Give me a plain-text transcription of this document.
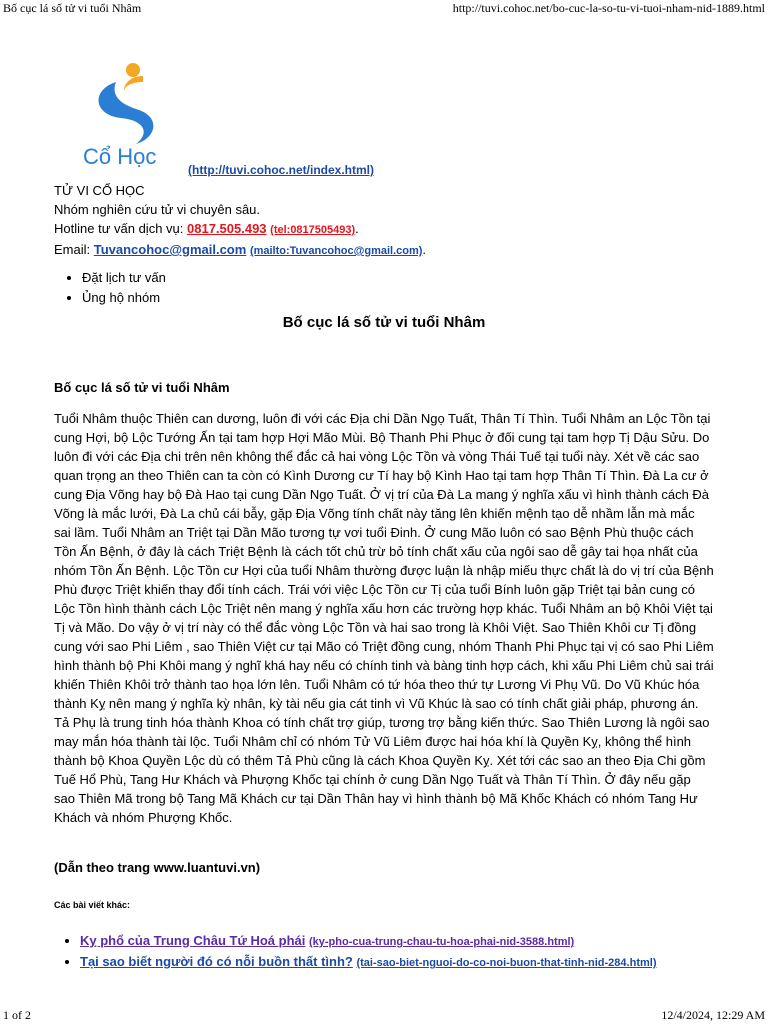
Bố cục lá số tử vi tuổi Nhâm	http://tuvi.cohoc.net/bo-cuc-la-so-tu-vi-tuoi-nham-nid-1889.html
Cổ Học
(http://tuvi.cohoc.net/index.html)
TỬ VI CỔ HỌC
Nhóm nghiên cứu tử vi chuyên sâu.
Hotline tư vấn dịch vụ: 0817.505.493 (tel:0817505493).
Email: Tuvancohoc@gmail.com (mailto:Tuvancohoc@gmail.com).
• Đặt lịch tư vấn
• Ủng hộ nhóm
Bố cục lá số tử vi tuổi Nhâm
Bố cục lá số tử vi tuổi Nhâm
Tuổi Nhâm thuộc Thiên can dương, luôn đi với các Địa chi Dần Ngọ Tuất, Thân Tí Thìn. Tuổi Nhâm an Lộc Tồn tại cung Hợi, bộ Lộc Tướng Ấn tại tam hợp Hợi Mão Mùi. Bộ Thanh Phi Phục ở đối cung tại tam hợp Tị Dậu Sửu. Do luôn đi với các Địa chi trên nên không thể đắc cả hai vòng Lộc Tồn và vòng Thái Tuế tại tuổi này. Xét về các sao quan trọng an theo Thiên can ta còn có Kình Dương cư Tí hay bộ Kình Hao tại tam hợp Thân Tí Thìn. Đà La cư ở cung Địa Võng hay bộ Đà Hao tại cung Dần Ngọ Tuất. Ở vị trí của Đà La mang ý nghĩa xấu vì hình thành cách Đà Võng là mắc lưới, Đà La chủ cái bẫy, gặp Địa Võng tính chất này tăng lên khiến mệnh tạo dễ nhầm lẫn mà mắc sai lầm. Tuổi Nhâm an Triệt tại Dần Mão tương tự vơi tuổi Đinh. Ở cung Mão luôn có sao Bệnh Phù thuộc cách Tồn Ấn Bệnh, ở đây là cách Triệt Bệnh là cách tốt chủ trừ bỏ tính chất xấu của ngôi sao dễ gây tai họa nhất của nhóm Tồn Ấn Bệnh. Lộc Tồn cư Hợi của tuổi Nhâm thường được luận là nhập miếu thực chất là do vị trí của Bệnh Phù được Triệt khiến thay đổi tính cách. Trái với việc Lộc Tồn cư Tị của tuổi Bính luôn gặp Triệt tại bản cung có Lộc Tồn hình thành cách Lộc Triệt nên mang ý nghĩa xấu hơn các trường hợp khác. Tuổi Nhâm an bộ Khôi Việt tại Tị và Mão. Do vậy ở vị trí này có thể đắc vòng Lộc Tồn và hai sao trong là Khôi Việt. Sao Thiên Khôi cư Tị đồng cung với sao Phi Liêm , sao Thiên Việt cư tại Mão có Triệt đồng cung, nhóm Thanh Phi Phục tại vị có sao Phi Liêm hình thành bộ Phi Khôi mang ý nghĩ khá hay nếu có chính tinh và bàng tinh hợp cách, khi xấu Phi Liêm chủ sai trái khiến Thiên Khôi trở thành tao họa lớn lên. Tuổi Nhâm có tứ hóa theo thứ tự Lương Vi Phụ Vũ. Do Vũ Khúc hóa thành Kỵ nên mang ý nghĩa kỳ nhân, kỳ tài nếu gia cát tinh vì Vũ Khúc là sao có tính chất giải pháp, phương án. Tả Phụ là trung tinh hóa thành Khoa có tính chất trợ giúp, tương trợ bằng kiến thức. Sao Thiên Lương là ngôi sao may mắn hóa thành tài lộc. Tuổi Nhâm chỉ có nhóm Tử Vũ Liêm được hai hóa khí là Quyền Kỵ, không thể hình thành bộ Khoa Quyền Lộc dù có thêm Tả Phù cũng là cách Khoa Quyền Kỵ. Xét tới các sao an theo Địa Chi gồm Tuế Hổ Phù, Tang Hư Khách và Phượng Khốc tại chính ở cung Dần Ngọ Tuất và Thân Tí Thìn. Ở đây nếu gặp sao Thiên Mã trong bộ Tang Mã Khách cư tại Dần Thân hay vì hình thành bộ Mã Khốc Khách có nhóm Tang Hư Khách và nhóm Phượng Khốc.
(Dẫn theo trang www.luantuvi.vn)
Các bài viết khác:
• Kỵ phổ của Trung Châu Tứ Hoá phái (ky-pho-cua-trung-chau-tu-hoa-phai-nid-3588.html)
• Tại sao biết người đó có nỗi buồn thất tình? (tai-sao-biet-nguoi-do-co-noi-buon-that-tinh-nid-284.html)
1 of 2	12/4/2024, 12:29 AM
